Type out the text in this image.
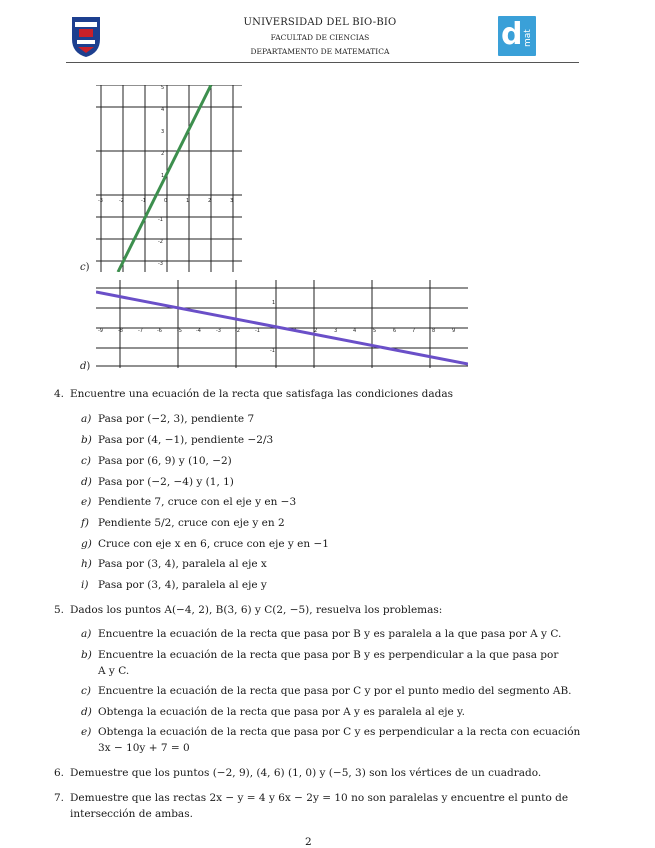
UNIVERSIDAD DEL BIO-BIO
FACULTAD DE CIENCIAS
DEPARTAMENTO DE MATEMATICA	d mat
-3	-2	-1	0	1	2	3
5
4
3
2
1
-1
-2
-3
c)
-9	-8	-7	-6	-5	-4	-3	-2	-1	2	3	4	5	6	7	8	9
1
-1
d)
4. Encuentre una ecuación de la recta que satisfaga las condiciones dadas
a) Pasa por (−2, 3), pendiente 7
b) Pasa por (4, −1), pendiente −2/3
c) Pasa por (6, 9) y (10, −2)
d) Pasa por (−2, −4) y (1, 1)
e) Pendiente 7, cruce con el eje y en −3
f) Pendiente 5/2, cruce con eje y en 2
g) Cruce con eje x en 6, cruce con eje y en −1
h) Pasa por (3, 4), paralela al eje x
i) Pasa por (3, 4), paralela al eje y
5. Dados los puntos A(−4, 2), B(3, 6) y C(2, −5), resuelva los problemas:
a) Encuentre la ecuación de la recta que pasa por B y es paralela a la que pasa por A y C.
b) Encuentre la ecuación de la recta que pasa por B y es perpendicular a la que pasa por
A y C.
c) Encuentre la ecuación de la recta que pasa por C y por el punto medio del segmento AB.
d) Obtenga la ecuación de la recta que pasa por A y es paralela al eje y.
e) Obtenga la ecuación de la recta que pasa por C y es perpendicular a la recta con ecuación
3x − 10y + 7 = 0
6. Demuestre que los puntos (−2, 9), (4, 6) (1, 0) y (−5, 3) son los vértices de un cuadrado.
7. Demuestre que las rectas 2x − y = 4 y 6x − 2y = 10 no son paralelas y encuentre el punto de
intersección de ambas.
2
